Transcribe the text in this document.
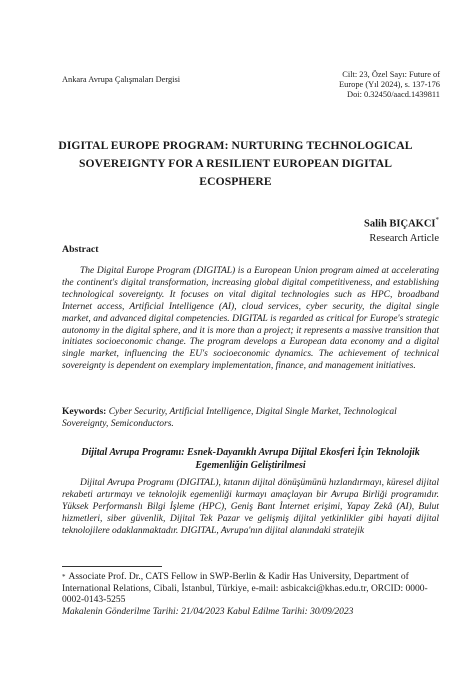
Ankara Avrupa Çalışmaları Dergisi
Cilt: 23, Özel Sayı: Future of
Europe (Yıl 2024), s. 137-176
Doi: 0.32450/aacd.1439811
DIGITAL EUROPE PROGRAM: NURTURING TECHNOLOGICAL SOVEREIGNTY FOR A RESILIENT EUROPEAN DIGITAL ECOSPHERE
Salih BIÇAKCI*
Research Article
Abstract
The Digital Europe Program (DIGITAL) is a European Union program aimed at accelerating the continent's digital transformation, increasing global digital competitiveness, and establishing technological sovereignty. It focuses on vital digital technologies such as HPC, broadband Internet access, Artificial Intelligence (AI), cloud services, cyber security, the digital single market, and advanced digital competencies. DIGITAL is regarded as critical for Europe's strategic autonomy in the digital sphere, and it is more than a project; it represents a massive transition that initiates socioeconomic change. The program develops a European data economy and a digital single market, influencing the EU's socioeconomic dynamics. The achievement of technical sovereignty is dependent on exemplary implementation, finance, and management initiatives.
Keywords: Cyber Security, Artificial Intelligence, Digital Single Market, Technological Sovereignty, Semiconductors.
Dijital Avrupa Programı: Esnek-Dayanıklı Avrupa Dijital Ekosferi İçin Teknolojik Egemenliğin Geliştirilmesi
Dijital Avrupa Programı (DIGITAL), kıtanın dijital dönüşümünü hızlandırmayı, küresel dijital rekabeti artırmayı ve teknolojik egemenliği kurmayı amaçlayan bir Avrupa Birliği programıdır. Yüksek Performanslı Bilgi İşleme (HPC), Geniş Bant İnternet erişimi, Yapay Zekâ (AI), Bulut hizmetleri, siber güvenlik, Dijital Tek Pazar ve gelişmiş dijital yetkinlikler gibi hayati dijital teknolojilere odaklanmaktadır. DIGITAL, Avrupa'nın dijital alanındaki stratejik
* Associate Prof. Dr., CATS Fellow in SWP-Berlin & Kadir Has University, Department of International Relations, Cibali, İstanbul, Türkiye, e-mail: asbicakci@khas.edu.tr, ORCID: 0000-0002-0143-5255
Makalenin Gönderilme Tarihi: 21/04/2023 Kabul Edilme Tarihi: 30/09/2023
